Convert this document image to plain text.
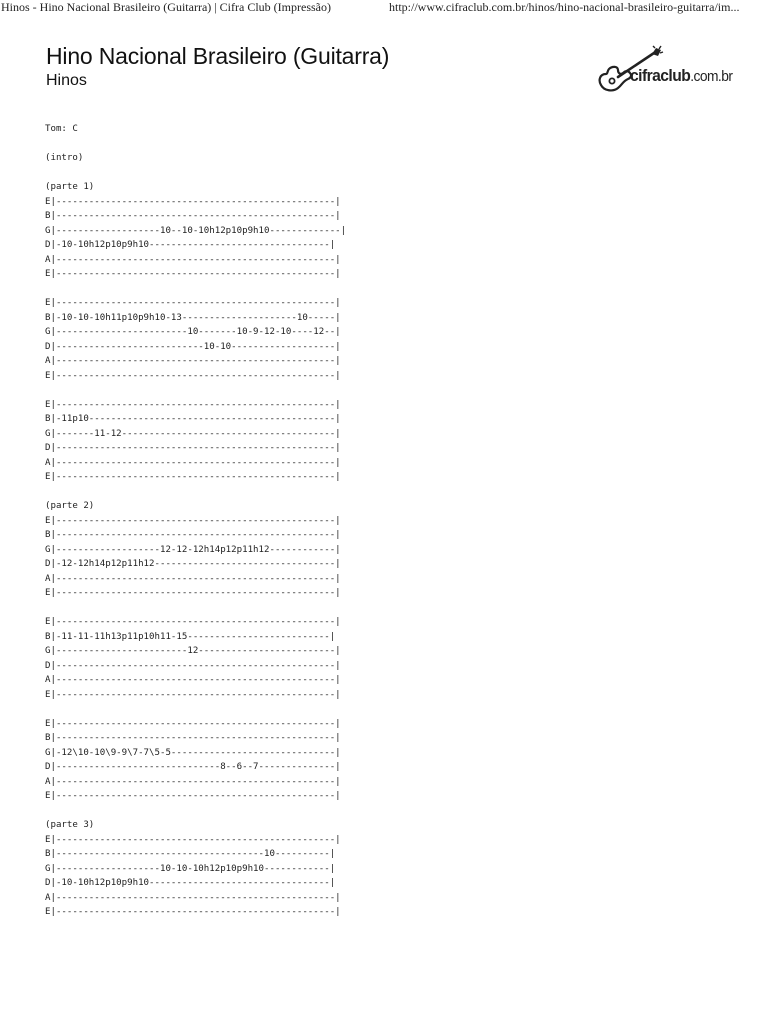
Hinos - Hino Nacional Brasileiro (Guitarra) | Cifra Club (Impressão)	http://www.cifraclub.com.br/hinos/hino-nacional-brasileiro-guitarra/im...
Hino Nacional Brasileiro (Guitarra)
Hinos	cifraclub.com.br
Tom: C

(intro)

(parte 1)
E|---------------------------------------------------|
B|---------------------------------------------------|
G|-------------------10--10-10h12p10p9h10-------------|
D|-10-10h12p10p9h10---------------------------------|
A|---------------------------------------------------|
E|---------------------------------------------------|

E|---------------------------------------------------|
B|-10-10-10h11p10p9h10-13---------------------10-----|
G|------------------------10-------10-9-12-10----12--|
D|---------------------------10-10-------------------|
A|---------------------------------------------------|
E|---------------------------------------------------|

E|---------------------------------------------------|
B|-11p10---------------------------------------------|
G|-------11-12---------------------------------------|
D|---------------------------------------------------|
A|---------------------------------------------------|
E|---------------------------------------------------|

(parte 2)
E|---------------------------------------------------|
B|---------------------------------------------------|
G|-------------------12-12-12h14p12p11h12------------|
D|-12-12h14p12p11h12---------------------------------|
A|---------------------------------------------------|
E|---------------------------------------------------|

E|---------------------------------------------------|
B|-11-11-11h13p11p10h11-15--------------------------|
G|------------------------12-------------------------|
D|---------------------------------------------------|
A|---------------------------------------------------|
E|---------------------------------------------------|

E|---------------------------------------------------|
B|---------------------------------------------------|
G|-12\10-10\9-9\7-7\5-5------------------------------|
D|------------------------------8--6--7--------------|
A|---------------------------------------------------|
E|---------------------------------------------------|

(parte 3)
E|---------------------------------------------------|
B|--------------------------------------10----------|
G|-------------------10-10-10h12p10p9h10------------|
D|-10-10h12p10p9h10---------------------------------|
A|---------------------------------------------------|
E|---------------------------------------------------|
